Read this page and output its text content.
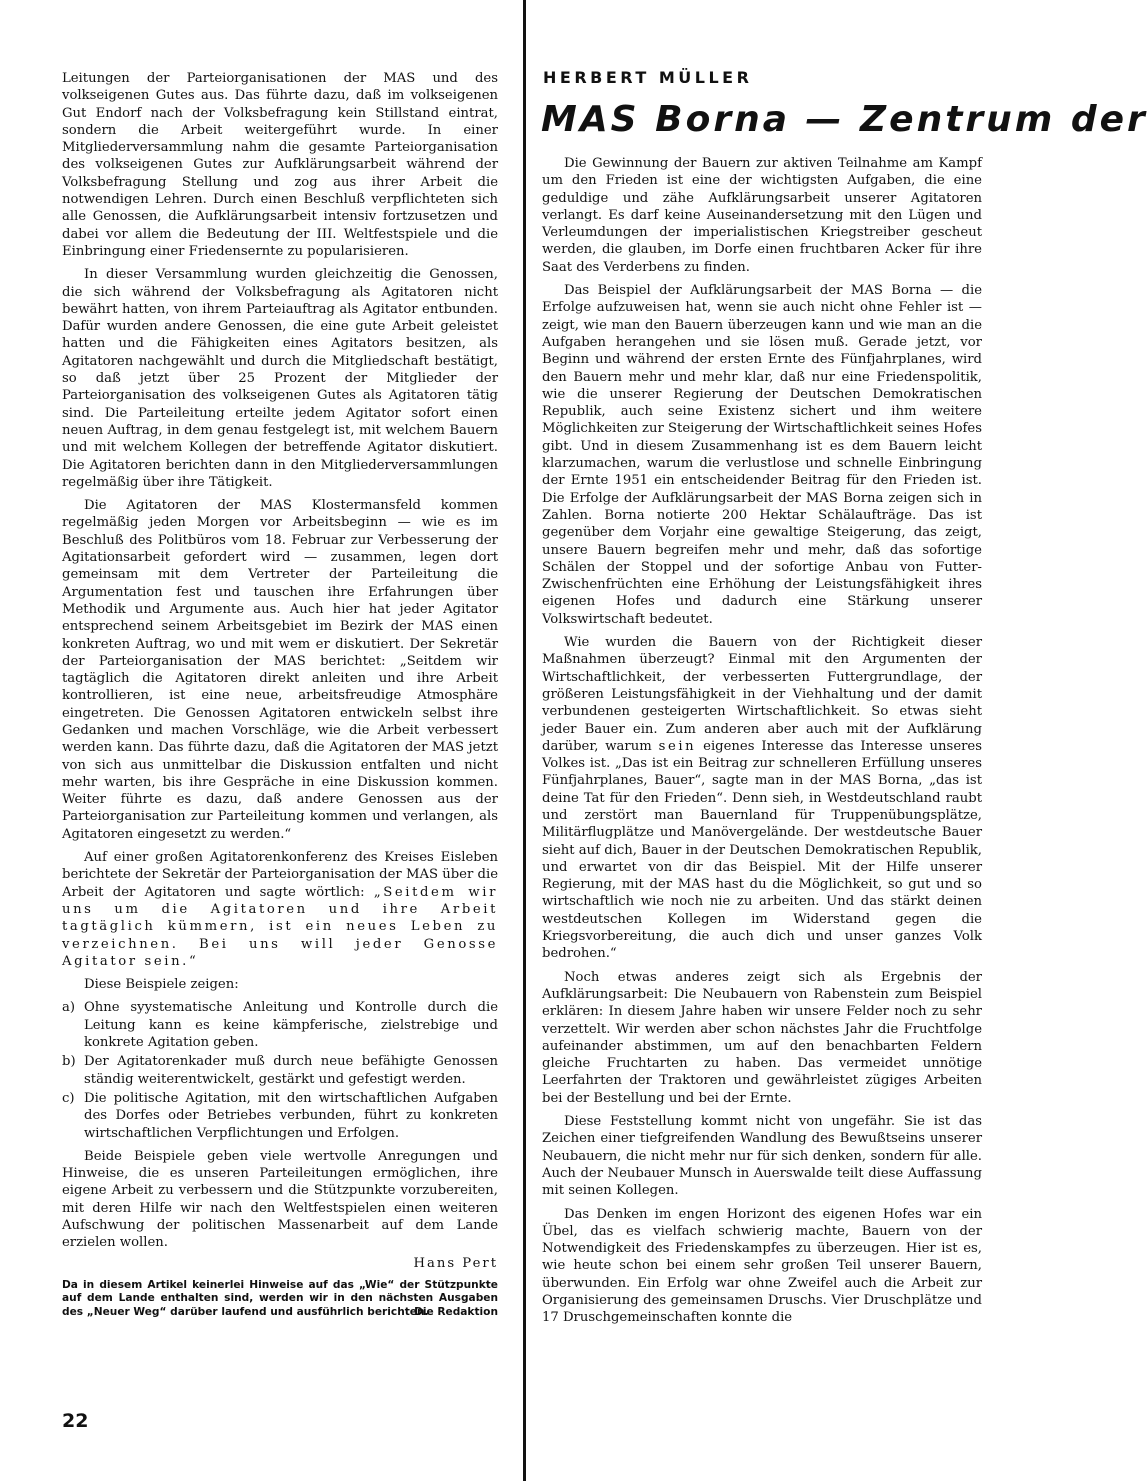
Leitungen der Parteiorganisationen der MAS und des volkseigenen Gutes aus. Das führte dazu, daß im volkseigenen Gut Endorf nach der Volksbefragung kein Stillstand eintrat, sondern die Arbeit weitergeführt wurde. In einer Mitgliederversammlung nahm die gesamte Parteiorganisation des volkseigenen Gutes zur Aufklärungsarbeit während der Volksbefragung Stellung und zog aus ihrer Arbeit die notwendigen Lehren. Durch einen Beschluß verpflichteten sich alle Genossen, die Aufklärungsarbeit intensiv fortzusetzen und dabei vor allem die Bedeutung der III. Weltfestspiele und die Einbringung einer Friedensernte zu popularisieren.

In dieser Versammlung wurden gleichzeitig die Genossen, die sich während der Volksbefragung als Agitatoren nicht bewährt hatten, von ihrem Parteiauftrag als Agitator entbunden. Dafür wurden andere Genossen, die eine gute Arbeit geleistet hatten und die Fähigkeiten eines Agitators besitzen, als Agitatoren nachgewählt und durch die Mitgliedschaft bestätigt, so daß jetzt über 25 Prozent der Mitglieder der Parteiorganisation des volkseigenen Gutes als Agitatoren tätig sind. Die Parteileitung erteilte jedem Agitator sofort einen neuen Auftrag, in dem genau festgelegt ist, mit welchem Bauern und mit welchem Kollegen der betreffende Agitator diskutiert. Die Agitatoren berichten dann in den Mitgliederversammlungen regelmäßig über ihre Tätigkeit.

Die Agitatoren der MAS Klostermansfeld kommen regelmäßig jeden Morgen vor Arbeitsbeginn — wie es im Beschluß des Politbüros vom 18. Februar zur Verbesserung der Agitationsarbeit gefordert wird — zusammen, legen dort gemeinsam mit dem Vertreter der Parteileitung die Argumentation fest und tauschen ihre Erfahrungen über Methodik und Argumente aus. Auch hier hat jeder Agitator entsprechend seinem Arbeitsgebiet im Bezirk der MAS einen konkreten Auftrag, wo und mit wem er diskutiert. Der Sekretär der Parteiorganisation der MAS berichtet: „Seitdem wir tagtäglich die Agitatoren direkt anleiten und ihre Arbeit kontrollieren, ist eine neue, arbeitsfreudige Atmosphäre eingetreten. Die Genossen Agitatoren entwickeln selbst ihre Gedanken und machen Vorschläge, wie die Arbeit verbessert werden kann. Das führte dazu, daß die Agitatoren der MAS jetzt von sich aus unmittelbar die Diskussion entfalten und nicht mehr warten, bis ihre Gespräche in eine Diskussion kommen. Weiter führte es dazu, daß andere Genossen aus der Parteiorganisation zur Parteileitung kommen und verlangen, als Agitatoren eingesetzt zu werden.“

Auf einer großen Agitatorenkonferenz des Kreises Eisleben berichtete der Sekretär der Parteiorganisation der MAS über die Arbeit der Agitatoren und sagte wörtlich: „Seitdem wir uns um die Agitatoren und ihre Arbeit tagtäglich kümmern, ist ein neues Leben zu verzeichnen. Bei uns will jeder Genosse Agitator sein.“

Diese Beispiele zeigen:

a) Ohne syystematische Anleitung und Kontrolle durch die Leitung kann es keine kämpferische, zielstrebige und konkrete Agitation geben.
b) Der Agitatorenkader muß durch neue befähigte Genossen ständig weiterentwickelt, gestärkt und gefestigt werden.
c) Die politische Agitation, mit den wirtschaftlichen Aufgaben des Dorfes oder Betriebes verbunden, führt zu konkreten wirtschaftlichen Verpflichtungen und Erfolgen.

Beide Beispiele geben viele wertvolle Anregungen und Hinweise, die es unseren Parteileitungen ermöglichen, ihre eigene Arbeit zu verbessern und die Stützpunkte vorzubereiten, mit deren Hilfe wir nach den Weltfestspielen einen weiteren Aufschwung der politischen Massenarbeit auf dem Lande erzielen wollen.

Hans Pert
Da in diesem Artikel keinerlei Hinweise auf das „Wie“ der Stützpunkte auf dem Lande enthalten sind, werden wir in den nächsten Ausgaben des „Neuer Weg“ darüber laufend und ausführlich berichten.
Die Redaktion
22
HERBERT MÜLLER
MAS Borna — Zentrum der

Die Gewinnung der Bauern zur aktiven Teilnahme am Kampf um den Frieden ist eine der wichtigsten Aufgaben, die eine geduldige und zähe Aufklärungsarbeit unserer Agitatoren verlangt. Es darf keine Auseinandersetzung mit den Lügen und Verleumdungen der imperialistischen Kriegstreiber gescheut werden, die glauben, im Dorfe einen fruchtbaren Acker für ihre Saat des Verderbens zu finden.

Das Beispiel der Aufklärungsarbeit der MAS Borna — die Erfolge aufzuweisen hat, wenn sie auch nicht ohne Fehler ist — zeigt, wie man den Bauern überzeugen kann und wie man an die Aufgaben herangehen und sie lösen muß. Gerade jetzt, vor Beginn und während der ersten Ernte des Fünfjahrplanes, wird den Bauern mehr und mehr klar, daß nur eine Friedenspolitik, wie die unserer Regierung der Deutschen Demokratischen Republik, auch seine Existenz sichert und ihm weitere Möglichkeiten zur Steigerung der Wirtschaftlichkeit seines Hofes gibt. Und in diesem Zusammenhang ist es dem Bauern leicht klarzumachen, warum die verlustlose und schnelle Einbringung der Ernte 1951 ein entscheidender Beitrag für den Frieden ist. Die Erfolge der Aufklärungsarbeit der MAS Borna zeigen sich in Zahlen. Borna notierte 200 Hektar Schälaufträge. Das ist gegenüber dem Vorjahr eine gewaltige Steigerung, das zeigt, unsere Bauern begreifen mehr und mehr, daß das sofortige Schälen der Stoppel und der sofortige Anbau von Futter-Zwischenfrüchten eine Erhöhung der Leistungsfähigkeit ihres eigenen Hofes und dadurch eine Stärkung unserer Volkswirtschaft bedeutet.

Wie wurden die Bauern von der Richtigkeit dieser Maßnahmen überzeugt? Einmal mit den Argumenten der Wirtschaftlichkeit, der verbesserten Futtergrundlage, der größeren Leistungsfähigkeit in der Viehhaltung und der damit verbundenen gesteigerten Wirtschaftlichkeit. So etwas sieht jeder Bauer ein. Zum anderen aber auch mit der Aufklärung darüber, warum sein eigenes Interesse das Interesse unseres Volkes ist. „Das ist ein Beitrag zur schnelleren Erfüllung unseres Fünfjahrplanes, Bauer“, sagte man in der MAS Borna, „das ist deine Tat für den Frieden“. Denn sieh, in Westdeutschland raubt und zerstört man Bauernland für Truppenübungsplätze, Militärflugplätze und Manövergelände. Der westdeutsche Bauer sieht auf dich, Bauer in der Deutschen Demokratischen Republik, und erwartet von dir das Beispiel. Mit der Hilfe unserer Regierung, mit der MAS hast du die Möglichkeit, so gut und so wirtschaftlich wie noch nie zu arbeiten. Und das stärkt deinen westdeutschen Kollegen im Widerstand gegen die Kriegsvorbereitung, die auch dich und unser ganzes Volk bedrohen.“

Noch etwas anderes zeigt sich als Ergebnis der Aufklärungsarbeit: Die Neubauern von Rabenstein zum Beispiel erklären: In diesem Jahre haben wir unsere Felder noch zu sehr verzettelt. Wir werden aber schon nächstes Jahr die Fruchtfolge aufeinander abstimmen, um auf den benachbarten Feldern gleiche Fruchtarten zu haben. Das vermeidet unnötige Leerfahrten der Traktoren und gewährleistet zügiges Arbeiten bei der Bestellung und bei der Ernte.

Diese Feststellung kommt nicht von ungefähr. Sie ist das Zeichen einer tiefgreifenden Wandlung des Bewußtseins unserer Neubauern, die nicht mehr nur für sich denken, sondern für alle. Auch der Neubauer Munsch in Auerswalde teilt diese Auffassung mit seinen Kollegen.

Das Denken im engen Horizont des eigenen Hofes war ein Übel, das es vielfach schwierig machte, Bauern von der Notwendigkeit des Friedenskampfes zu überzeugen. Hier ist es, wie heute schon bei einem sehr großen Teil unserer Bauern, überwunden. Ein Erfolg war ohne Zweifel auch die Arbeit zur Organisierung des gemeinsamen Druschs. Vier Druschplätze und 17 Druschgemeinschaften konnte die
